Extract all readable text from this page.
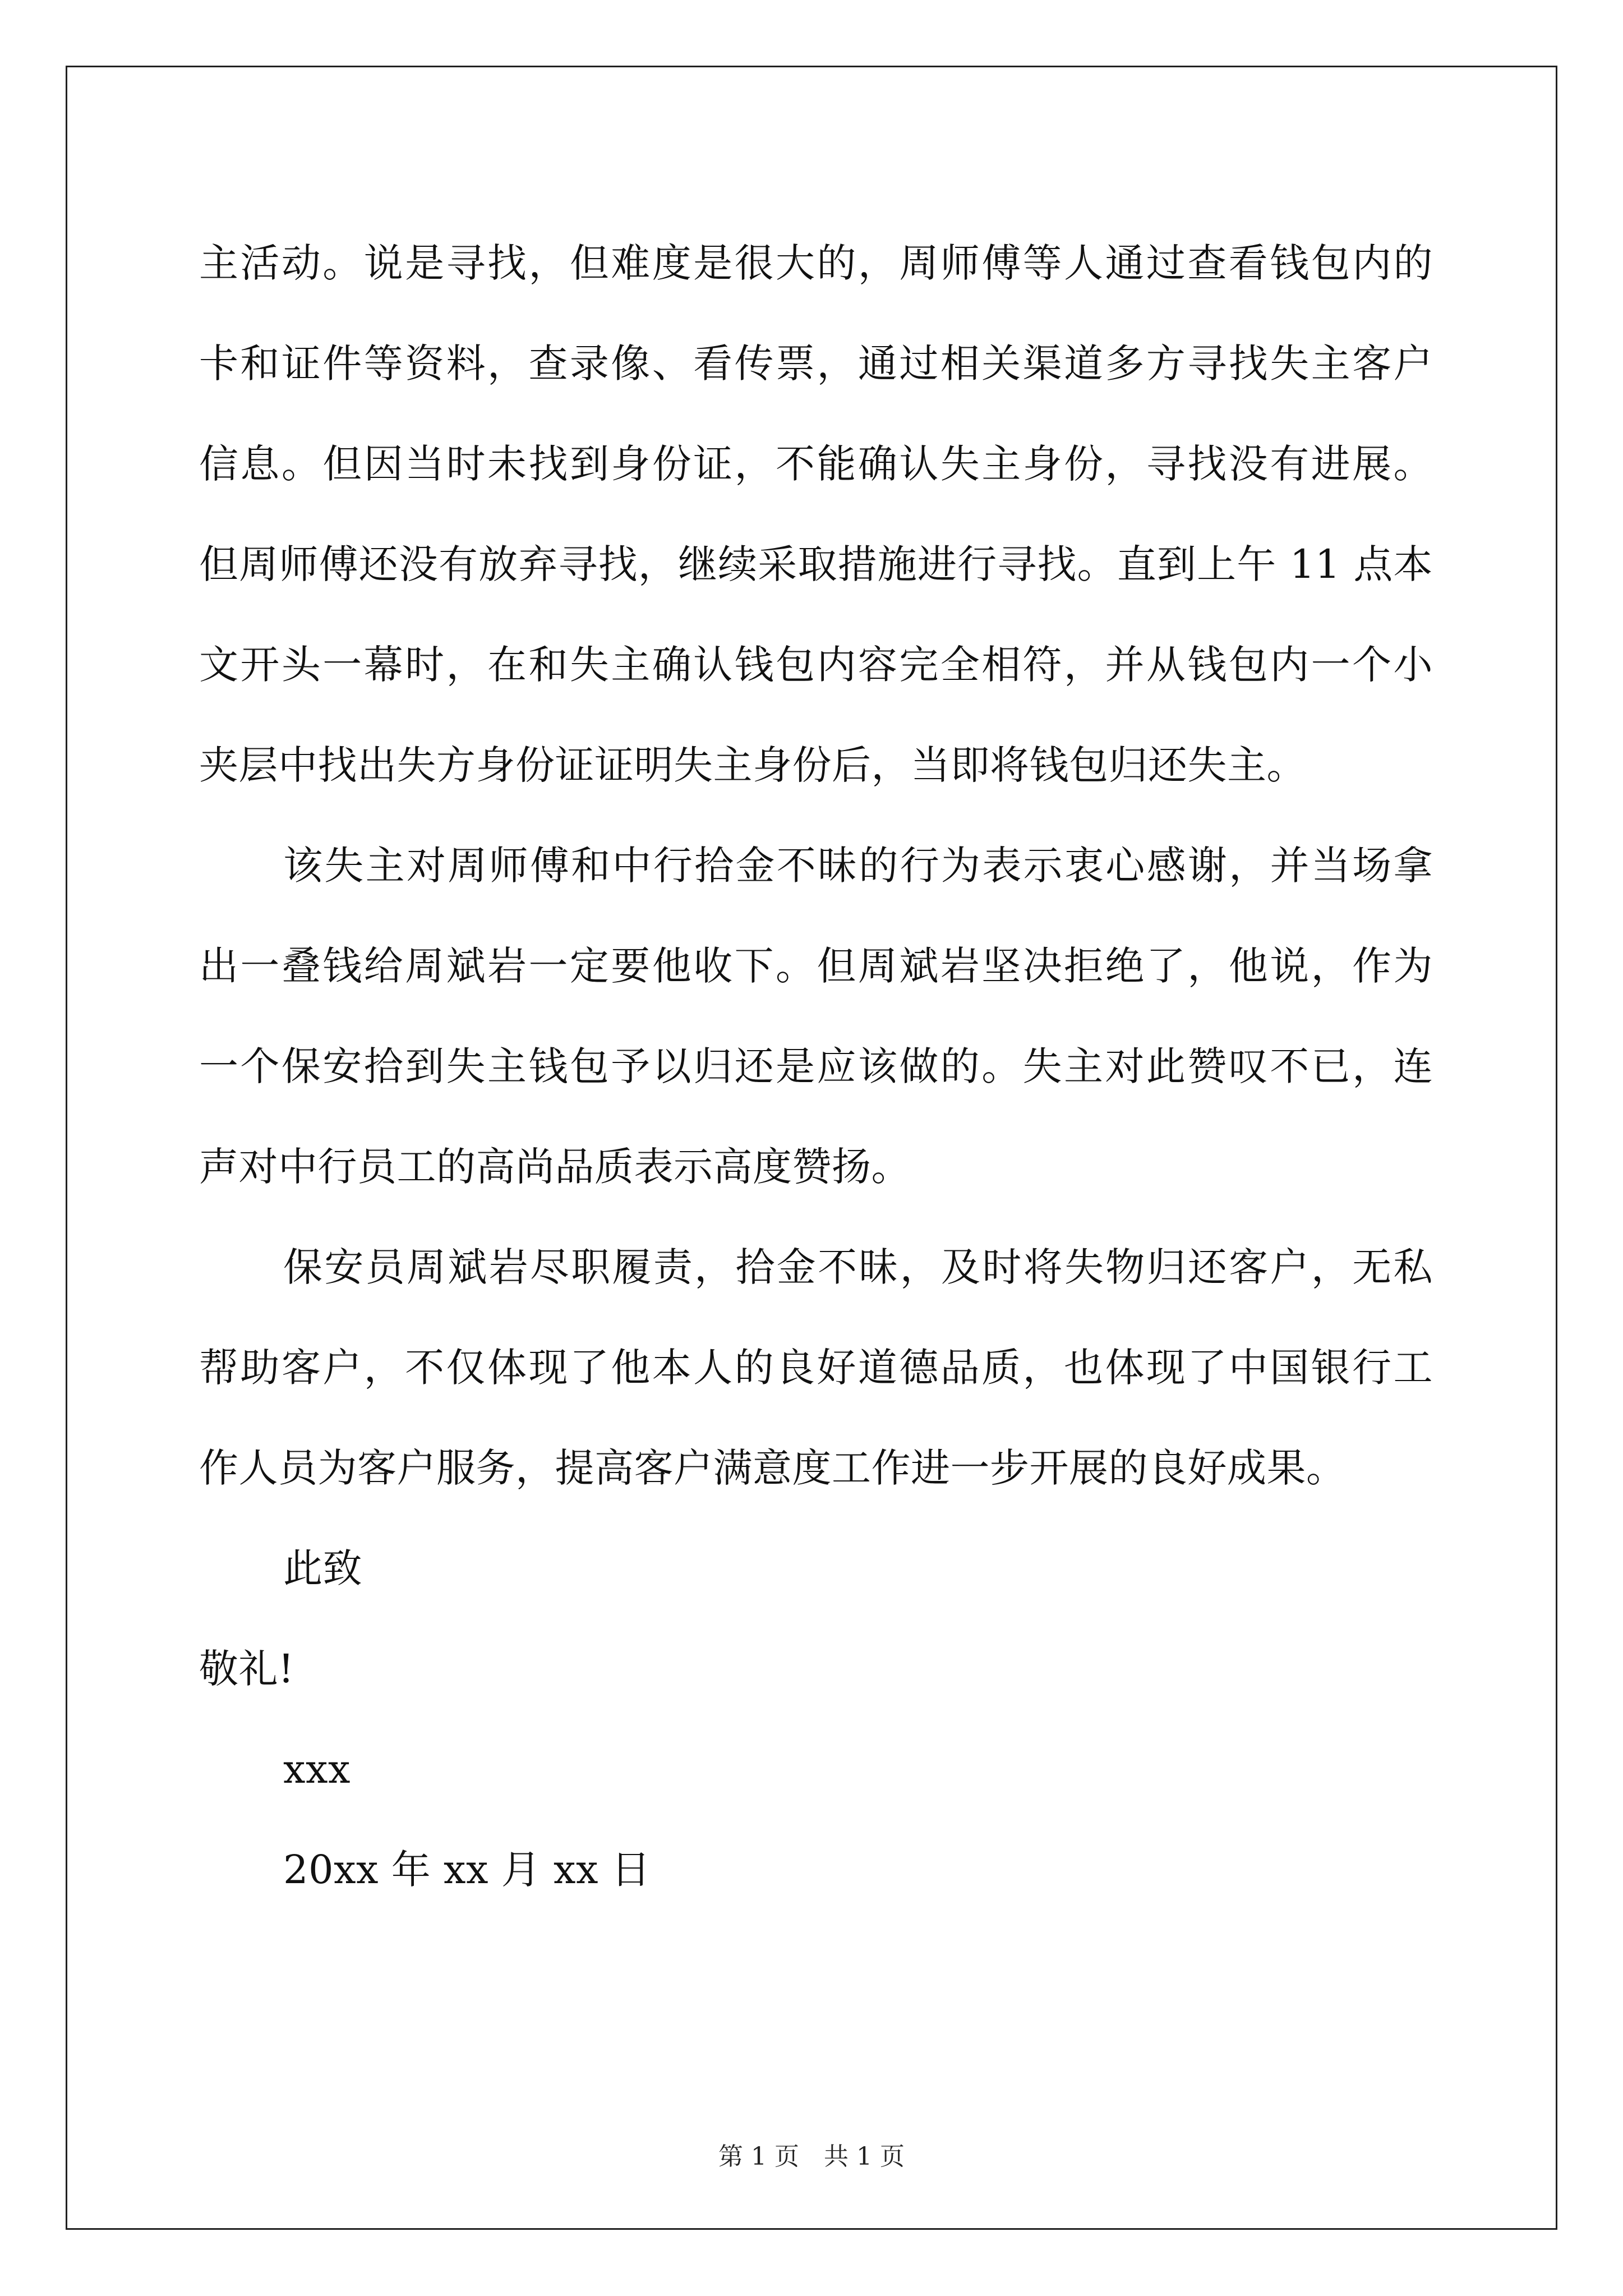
主活动。说是寻找，但难度是很大的，周师傅等人通过查看钱包内的
卡和证件等资料，查录像、看传票，通过相关渠道多方寻找失主客户
信息。但因当时未找到身份证，不能确认失主身份，寻找没有进展。
但周师傅还没有放弃寻找，继续采取措施进行寻找。直到上午 11 点本
文开头一幕时，在和失主确认钱包内容完全相符，并从钱包内一个小
夹层中找出失方身份证证明失主身份后，当即将钱包归还失主。
该失主对周师傅和中行拾金不昧的行为表示衷心感谢，并当场拿
出一叠钱给周斌岩一定要他收下。但周斌岩坚决拒绝了，他说，作为
一个保安拾到失主钱包予以归还是应该做的。失主对此赞叹不已，连
声对中行员工的高尚品质表示高度赞扬。
保安员周斌岩尽职履责，拾金不昧，及时将失物归还客户，无私
帮助客户，不仅体现了他本人的良好道德品质，也体现了中国银行工
作人员为客户服务，提高客户满意度工作进一步开展的良好成果。
此致
敬礼!
xxx
20xx 年 xx 月 xx 日
第 1 页　共 1 页
